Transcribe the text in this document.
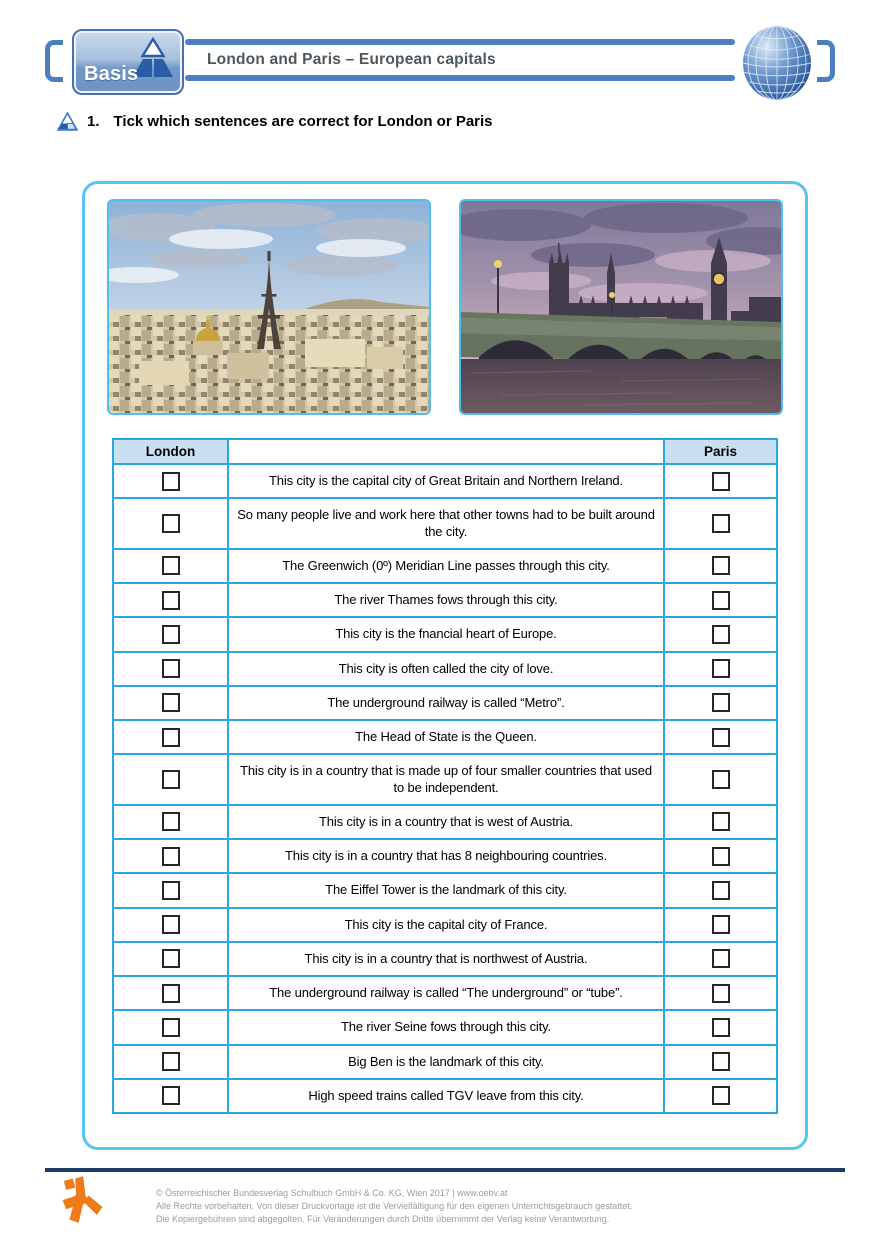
Basis
London and Paris – European capitals
1. Tick which sentences are correct for London or Paris
London		Paris
	This city is the capital city of Great Britain and Northern Ireland.	
	So many people live and work here that other towns had to be built around the city.	
	The Greenwich (0º) Meridian Line passes through this city.	
	The river Thames fows through this city.	
	This city is the fnancial heart of Europe.	
	This city is often called the city of love.	
	The underground railway is called “Metro”.	
	The Head of State is the Queen.	
	This city is in a country that is made up of four smaller countries that used to be independent.	
	This city is in a country that is west of Austria.	
	This city is in a country that has 8 neighbouring countries.	
	The Eiffel Tower is the landmark of this city.	
	This city is the capital city of France.	
	This city is in a country that is northwest of Austria.	
	The underground railway is called “The underground” or “tube”.	
	The river Seine fows through this city.	
	Big Ben is the landmark of this city.	
	High speed trains called TGV leave from this city.	

© Österreichischer Bundesverlag Schulbuch GmbH & Co. KG, Wien 2017 | www.oebv.at

Alle Rechte vorbehalten. Von dieser Druckvorlage ist die Vervielfältigung für den eigenen Unterrichtsgebrauch gestattet.

Die Kopiergebühren sind abgegolten. Für Veränderungen durch Dritte übernimmt der Verlag keine Verantwortung.
